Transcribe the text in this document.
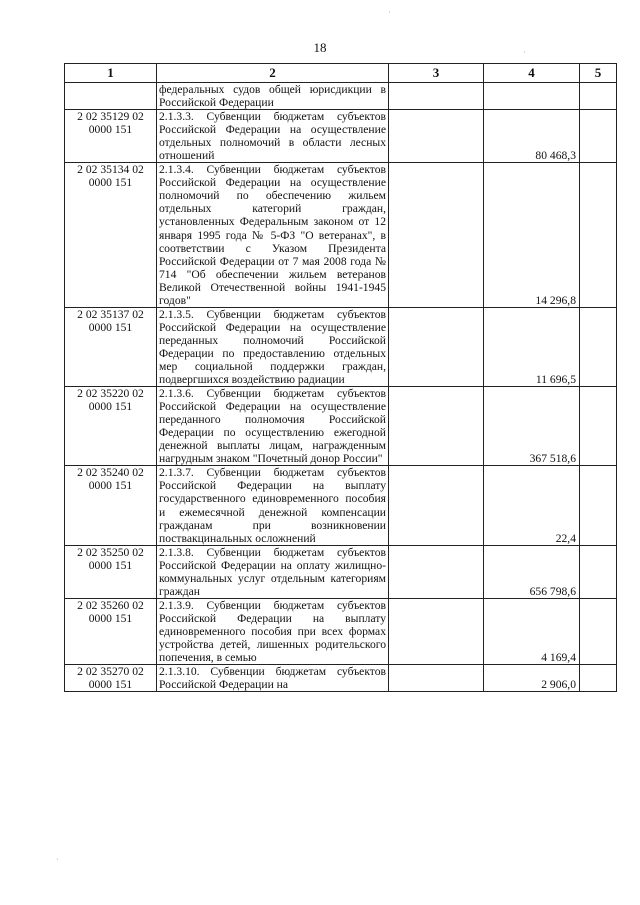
18
1	2	3	4	5
	федеральных судов общей юрисдикции в Российской Федерации			
2 02 35129 02
0000 151	2.1.3.3. Субвенции бюджетам субъектов Российской Федерации на осуществление отдельных полномочий в области лесных отношений		80 468,3	
2 02 35134 02
0000 151	2.1.3.4. Субвенции бюджетам субъектов Российской Федерации на осуществление полномочий по обеспечению жильем отдельных категорий граждан, установленных Федеральным законом от 12 января 1995 года № 5-ФЗ "О ветеранах", в соответствии с Указом Президента Российской Федерации от 7 мая 2008 года № 714 "Об обеспечении жильем ветеранов Великой Отечественной войны 1941-1945 годов"		14 296,8	
2 02 35137 02
0000 151	2.1.3.5. Субвенции бюджетам субъектов Российской Федерации на осуществление переданных полномочий Российской Федерации по предоставлению отдельных мер социальной поддержки граждан, подвергшихся воздействию радиации		11 696,5	
2 02 35220 02
0000 151	2.1.3.6. Субвенции бюджетам субъектов Российской Федерации на осуществление переданного полномочия Российской Федерации по осуществлению ежегодной денежной выплаты лицам, награжденным нагрудным знаком "Почетный донор России"		367 518,6	
2 02 35240 02
0000 151	2.1.3.7. Субвенции бюджетам субъектов Российской Федерации на выплату государственного единовременного пособия и ежемесячной денежной компенсации гражданам при возникновении поствакцинальных осложнений		22,4	
2 02 35250 02
0000 151	2.1.3.8. Субвенции бюджетам субъектов Российской Федерации на оплату жилищно-коммунальных услуг отдельным категориям граждан		656 798,6	
2 02 35260 02
0000 151	2.1.3.9. Субвенции бюджетам субъектов Российской Федерации на выплату единовременного пособия при всех формах устройства детей, лишенных родительского попечения, в семью		4 169,4	
2 02 35270 02
0000 151	2.1.3.10. Субвенции бюджетам субъектов Российской Федерации на		2 906,0	
·
·
·
